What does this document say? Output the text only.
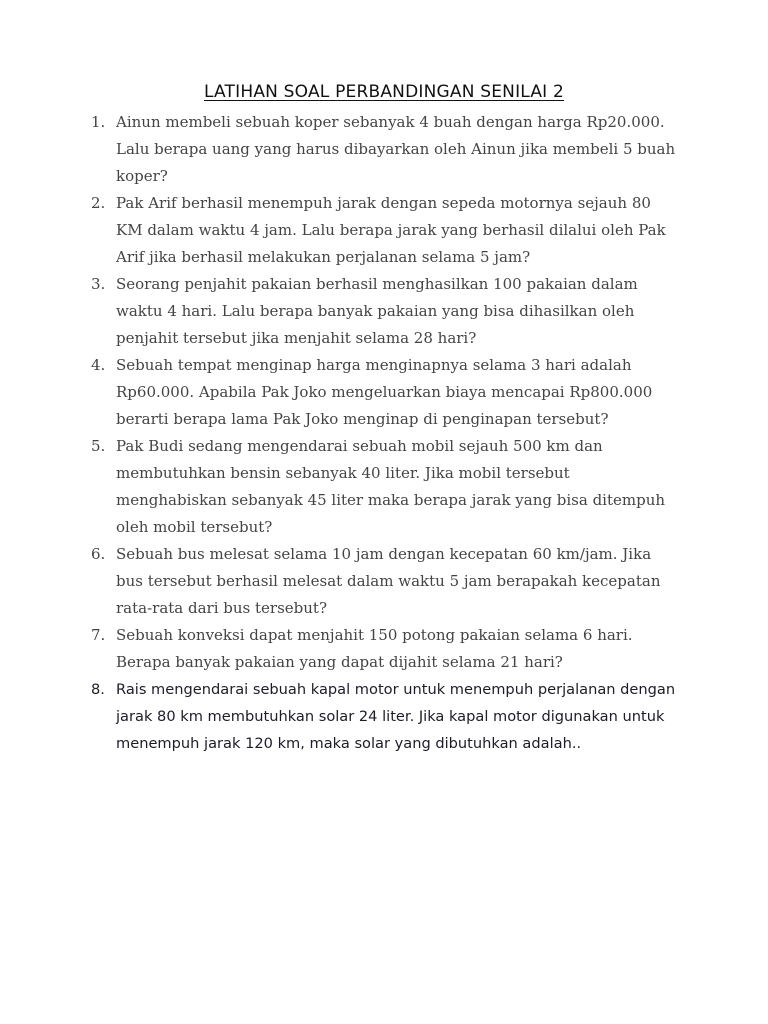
LATIHAN SOAL PERBANDINGAN SENILAI 2
1. Ainun membeli sebuah koper sebanyak 4 buah dengan harga Rp20.000. Lalu berapa uang yang harus dibayarkan oleh Ainun jika membeli 5 buah koper?
2. Pak Arif berhasil menempuh jarak dengan sepeda motornya sejauh 80 KM dalam waktu 4 jam. Lalu berapa jarak yang berhasil dilalui oleh Pak Arif jika berhasil melakukan perjalanan selama 5 jam?
3. Seorang penjahit pakaian berhasil menghasilkan 100 pakaian dalam waktu 4 hari. Lalu berapa banyak pakaian yang bisa dihasilkan oleh penjahit tersebut jika menjahit selama 28 hari?
4. Sebuah tempat menginap harga menginapnya selama 3 hari adalah Rp60.000. Apabila Pak Joko mengeluarkan biaya mencapai Rp800.000 berarti berapa lama Pak Joko menginap di penginapan tersebut?
5. Pak Budi sedang mengendarai sebuah mobil sejauh 500 km dan membutuhkan bensin sebanyak 40 liter. Jika mobil tersebut menghabiskan sebanyak 45 liter maka berapa jarak yang bisa ditempuh oleh mobil tersebut?
6. Sebuah bus melesat selama 10 jam dengan kecepatan 60 km/jam. Jika bus tersebut berhasil melesat dalam waktu 5 jam berapakah kecepatan rata-rata dari bus tersebut?
7. Sebuah konveksi dapat menjahit 150 potong pakaian selama 6 hari. Berapa banyak pakaian yang dapat dijahit selama 21 hari?
8. Rais mengendarai sebuah kapal motor untuk menempuh perjalanan dengan jarak 80 km membutuhkan solar 24 liter. Jika kapal motor digunakan untuk menempuh jarak 120 km, maka solar yang dibutuhkan adalah..
